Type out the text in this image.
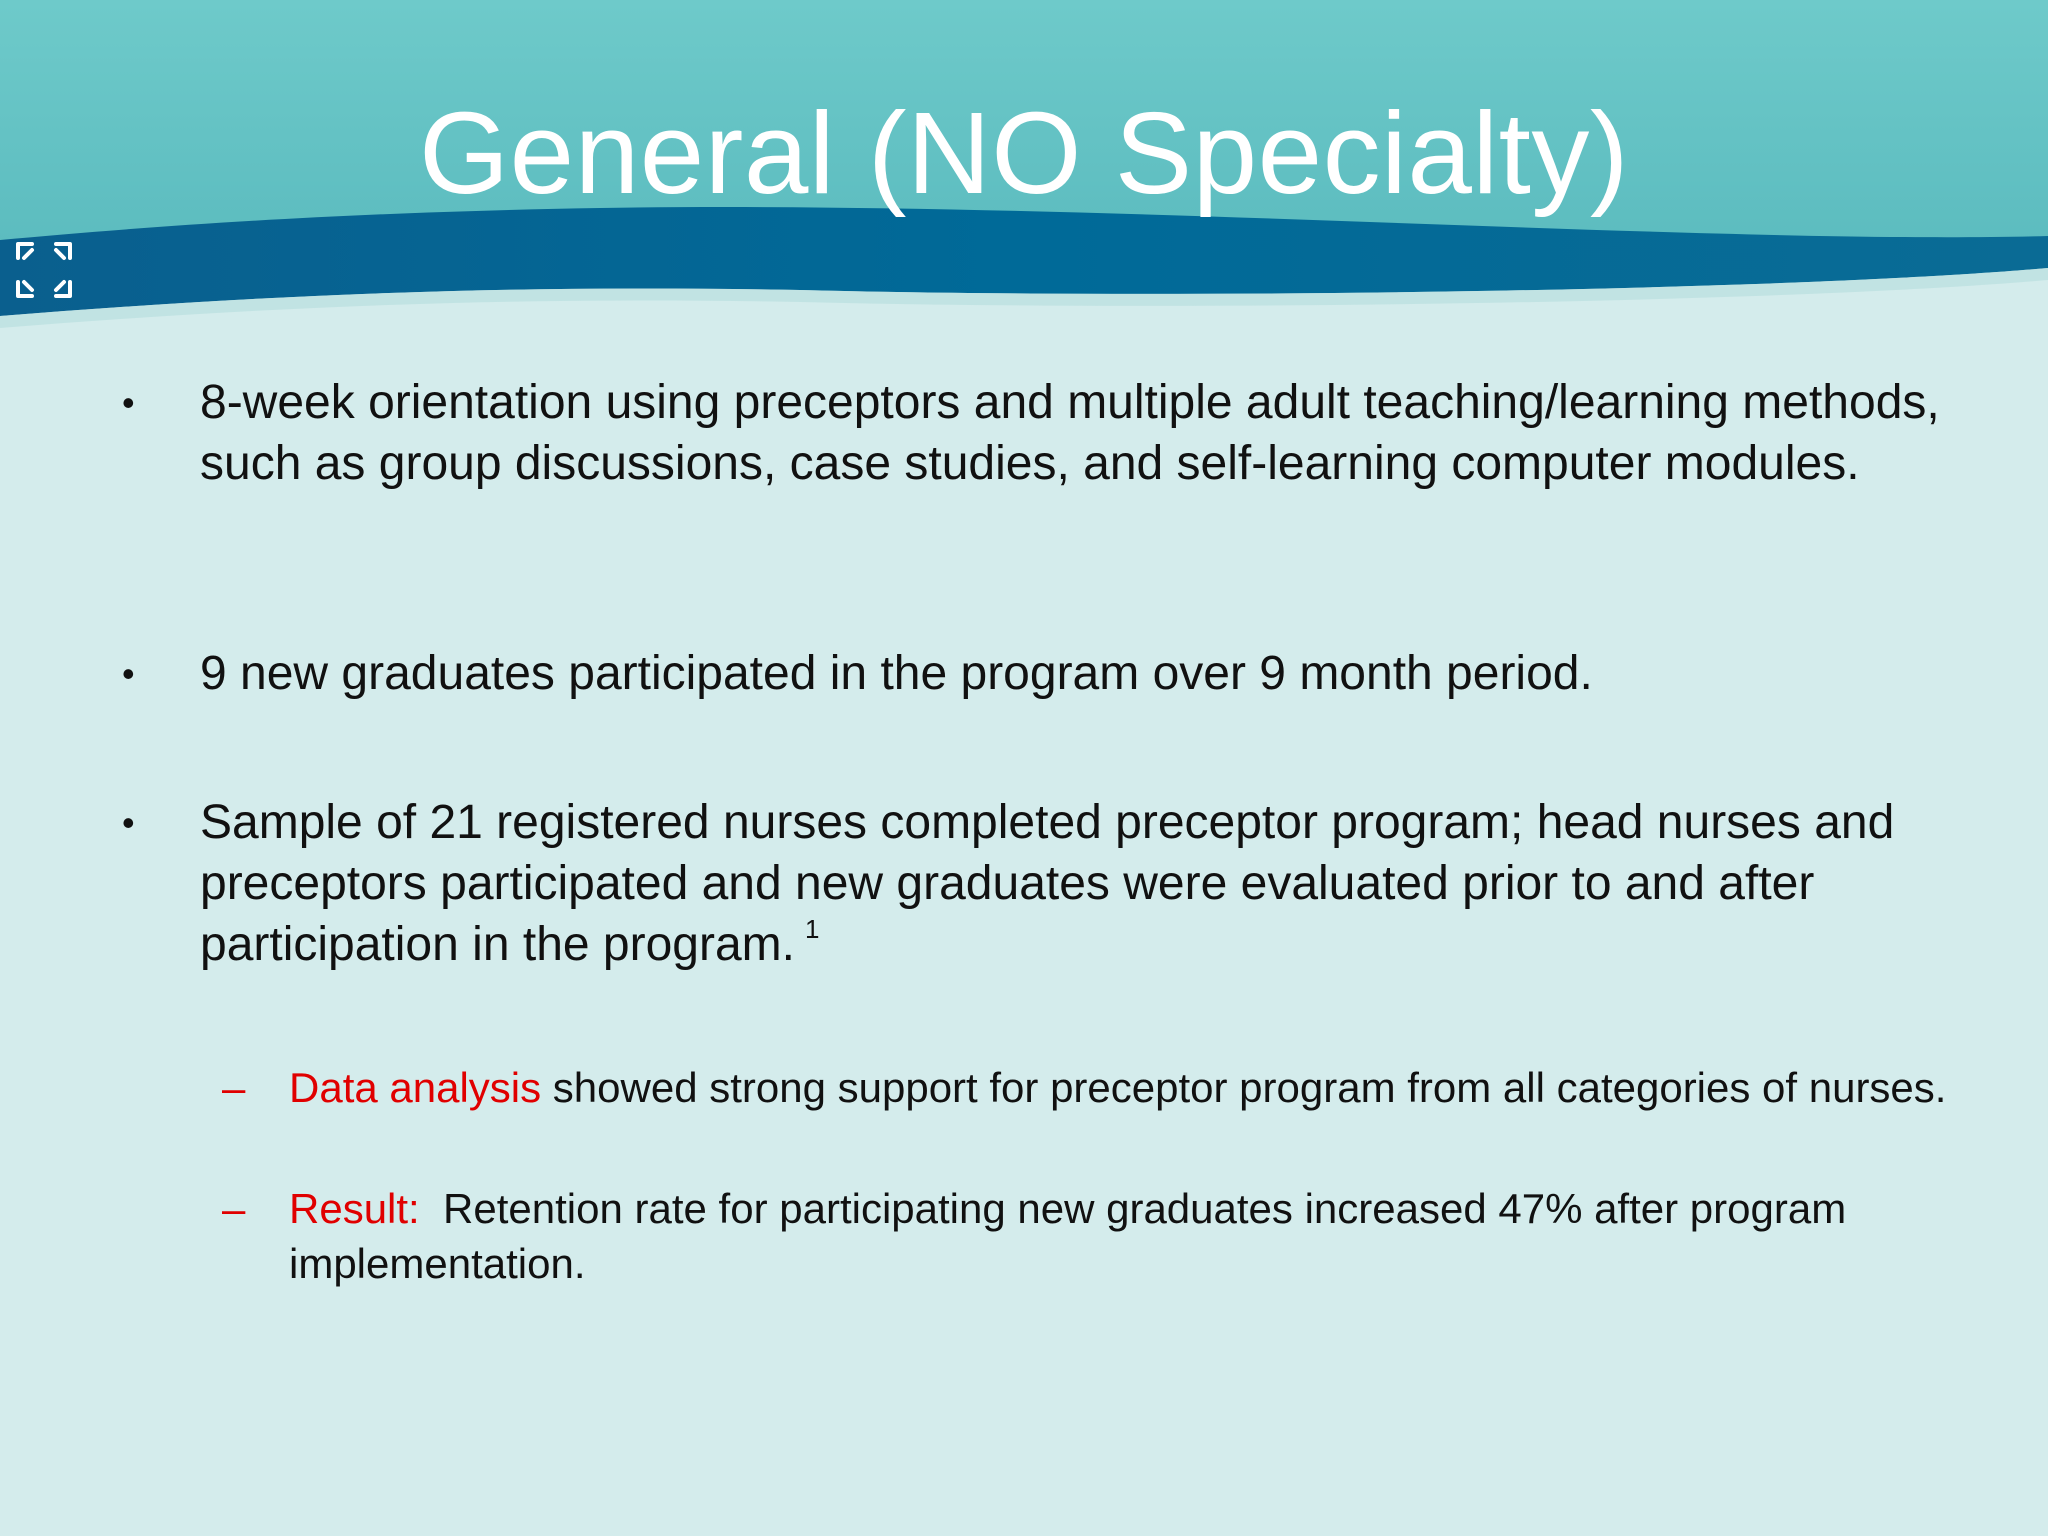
General (NO Specialty)
• 8-week orientation using preceptors and multiple adult teaching/learning methods, such as group discussions, case studies, and self-learning computer modules.
• 9 new graduates participated in the program over 9 month period.
• Sample of 21 registered nurses completed preceptor program; head nurses and preceptors participated and new graduates were evaluated prior to and after participation in the program. $^1$
– Data analysis showed strong support for preceptor program from all categories of nurses.
– Result:  Retention rate for participating new graduates increased 47% after program implementation.
